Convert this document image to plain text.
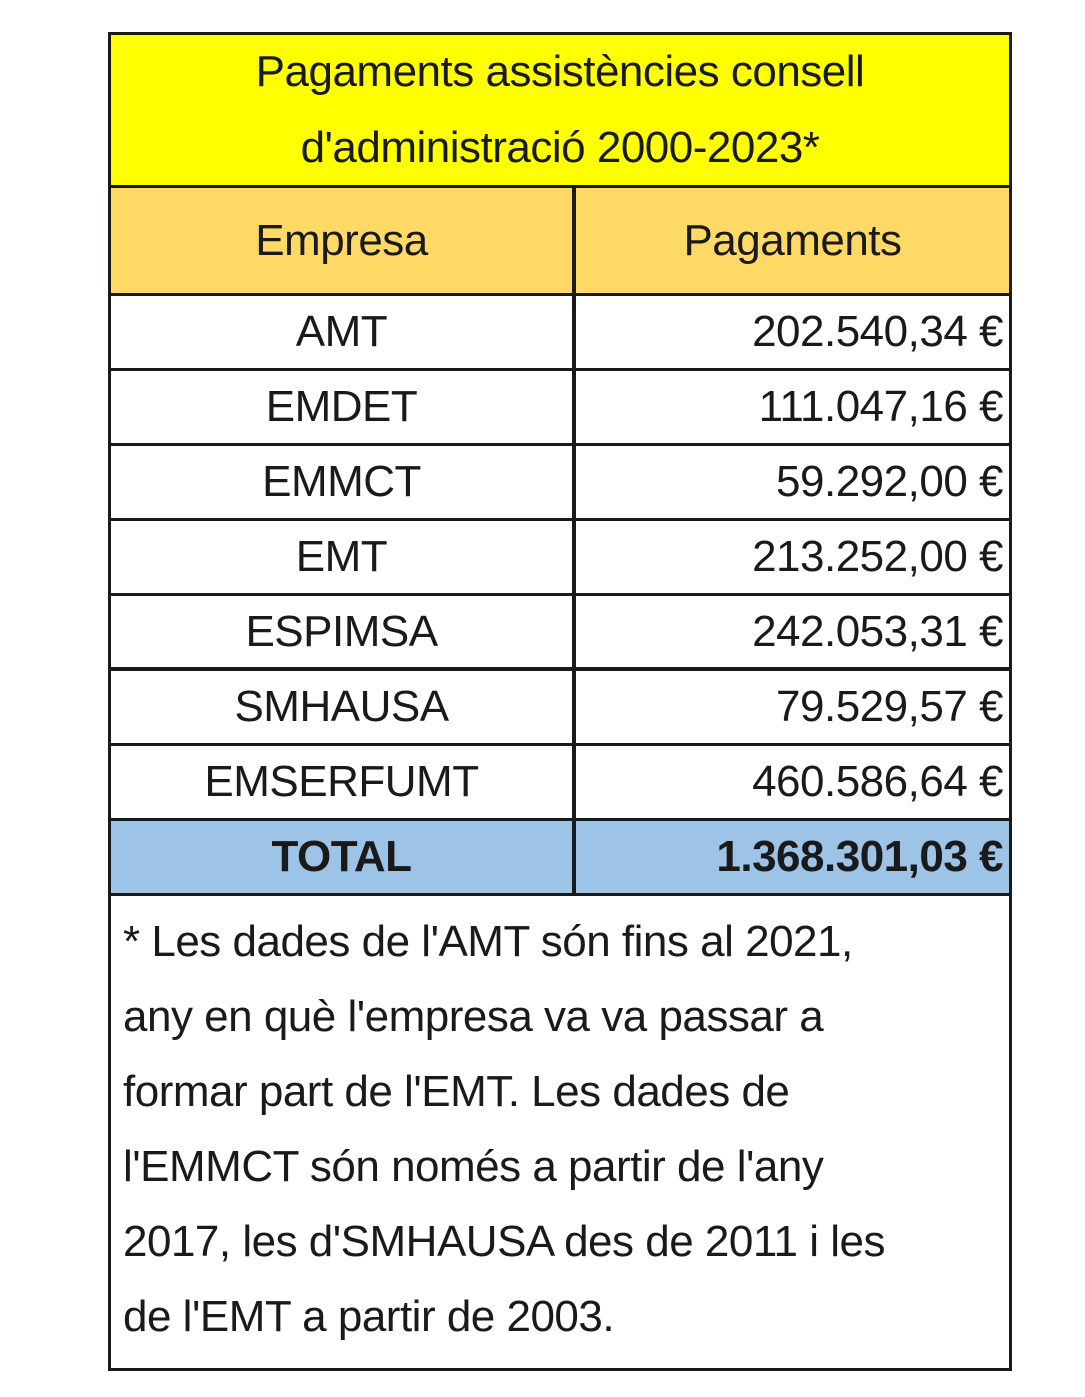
Pagaments assistències consell
d'administració 2000-2023*
Empresa	Pagaments
AMT	202.540,34 €
EMDET	111.047,16 €
EMMCT	59.292,00 €
EMT	213.252,00 €
ESPIMSA	242.053,31 €
SMHAUSA	79.529,57 €
EMSERFUMT	460.586,64 €
TOTAL	1.368.301,03 €
* Les dades de l'AMT són fins al 2021,
any en què l'empresa va va passar a
formar part de l'EMT. Les dades de
l'EMMCT són només a partir de l'any
2017, les d'SMHAUSA des de 2011 i les
de l'EMT a partir de 2003.
